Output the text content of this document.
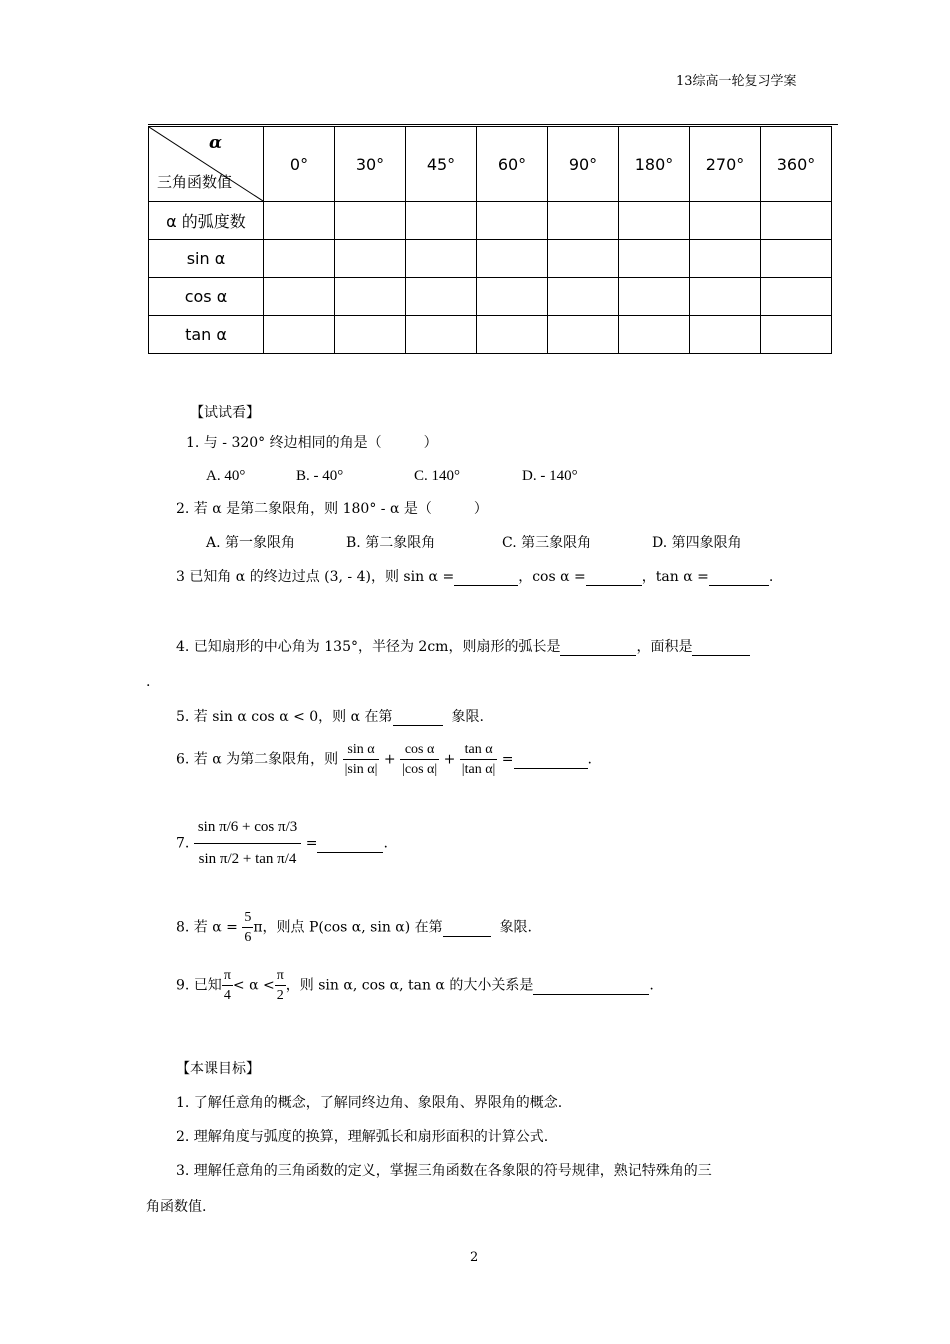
13综高一轮复习学案
α
三角函数值	0°	30°	45°	60°	90°	180°	270°	360°
α 的弧度数								
sin α								
cos α								
tan α								
【试试看】
1. 与 - 320° 终边相同的角是（　　　）
A. 40°	B. - 40°	C. 140°	D. - 140°
2. 若 α 是第二象限角，则 180° - α 是（　　　）
A. 第一象限角	B. 第二象限角	C. 第三象限角	D. 第四象限角
3 已知角 α 的终边过点 (3, - 4)，则 sin α =	，cos α =	，tan α =	.
4. 已知扇形的中心角为 135°，半径为 2cm，则扇形的弧长是	，面积是
.
5. 若 sin α cos α < 0，则 α 在第	象限.
6. 若 α 为第二象限角，则 $\frac{\text{sin α}}{\text{|sin α|}} + \frac{\text{cos α}}{\text{|cos α|}} + \frac{\text{tan α}}{\text{|tan α|}}$ =	.
7. $\frac{\text{sin π/6 + cos π/3}}{\text{sin π/2 + tan π/4}}$ =	.
8. 若 $\alpha = \frac{5}{6}$ π，则点 P(cos α, sin α) 在第	象限.
9. 已知 $\frac{\pi}{4} < \alpha < \frac{\pi}{2}$ ，则 sin α, cos α, tan α 的大小关系是	.
【本课目标】
1. 了解任意角的概念，了解同终边角、象限角、界限角的概念.
2. 理解角度与弧度的换算，理解弧长和扇形面积的计算公式.
3. 理解任意角的三角函数的定义，掌握三角函数在各象限的符号规律，熟记特殊角的三
角函数值.
2
